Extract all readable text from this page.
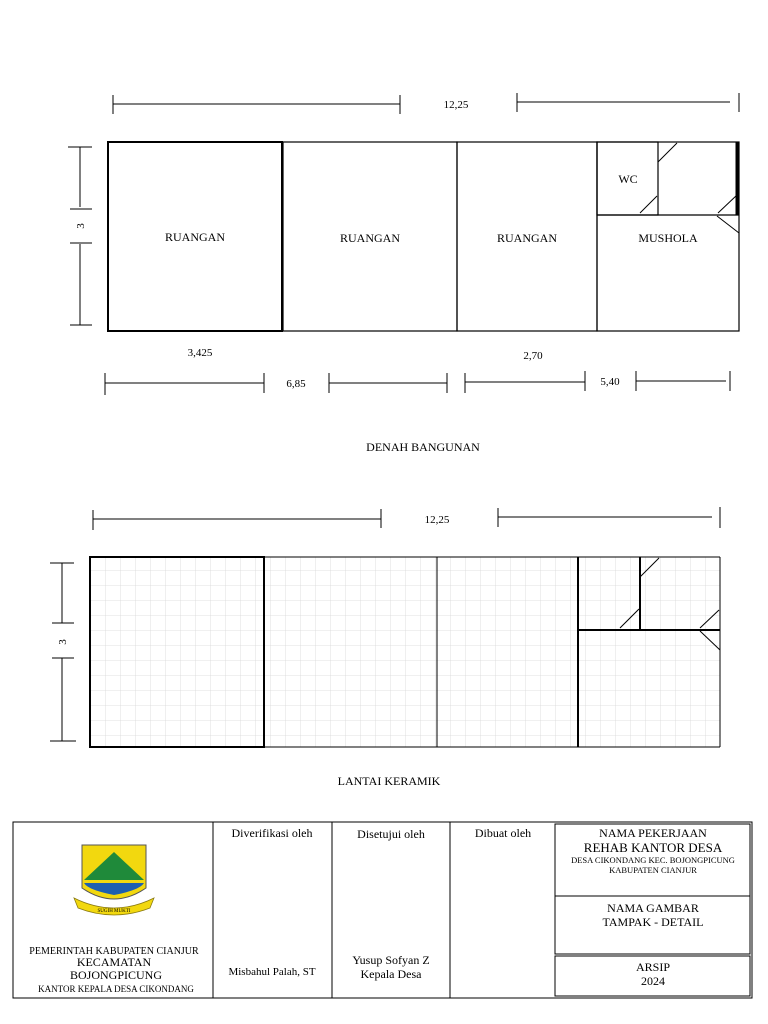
12,25
3
RUANGAN	RUANGAN	RUANGAN	MUSHOLA
WC
3,425	2,70
6,85	5,40
DENAH BANGUNAN
12,25
3
LANTAI KERAMIK
SUGIH MUKTI
PEMERINTAH KABUPATEN CIANJUR
KECAMATAN
BOJONGPICUNG
KANTOR KEPALA DESA CIKONDANG
Diverifikasi oleh
Misbahul Palah, ST
Disetujui oleh
Yusup Sofyan Z
Kepala Desa
Dibuat oleh	NAMA PEKERJAAN
REHAB KANTOR DESA
DESA CIKONDANG KEC. BOJONGPICUNG
KABUPATEN CIANJUR
NAMA GAMBAR
TAMPAK - DETAIL
ARSIP
2024
